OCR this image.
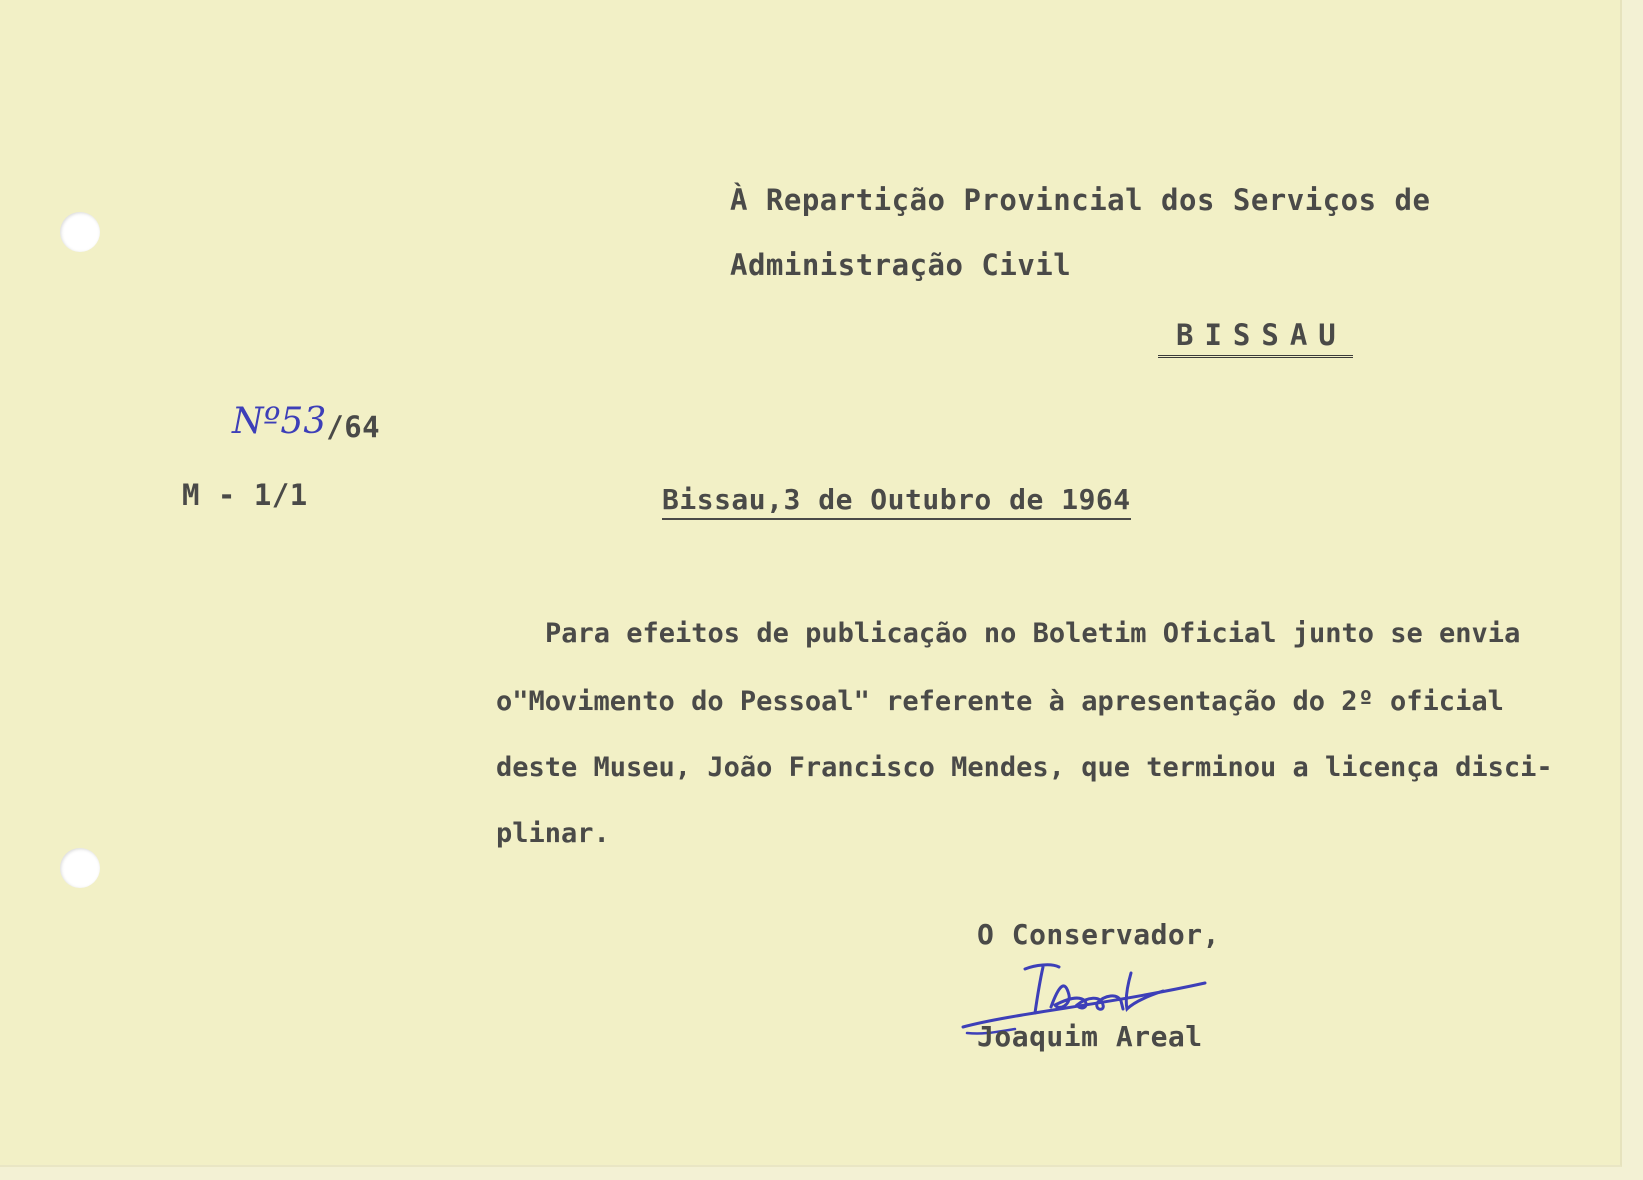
À Repartição Provincial dos Serviços de
Administração Civil
BISSAU
Nº53/64
M - 1/1	Bissau,3 de Outubro de 1964
Para efeitos de publicação no Boletim Oficial junto se envia
o"Movimento do Pessoal" referente à apresentação do 2º oficial
deste Museu, João Francisco Mendes, que terminou a licença disci-
plinar.
O Conservador,
Joaquim Areal
